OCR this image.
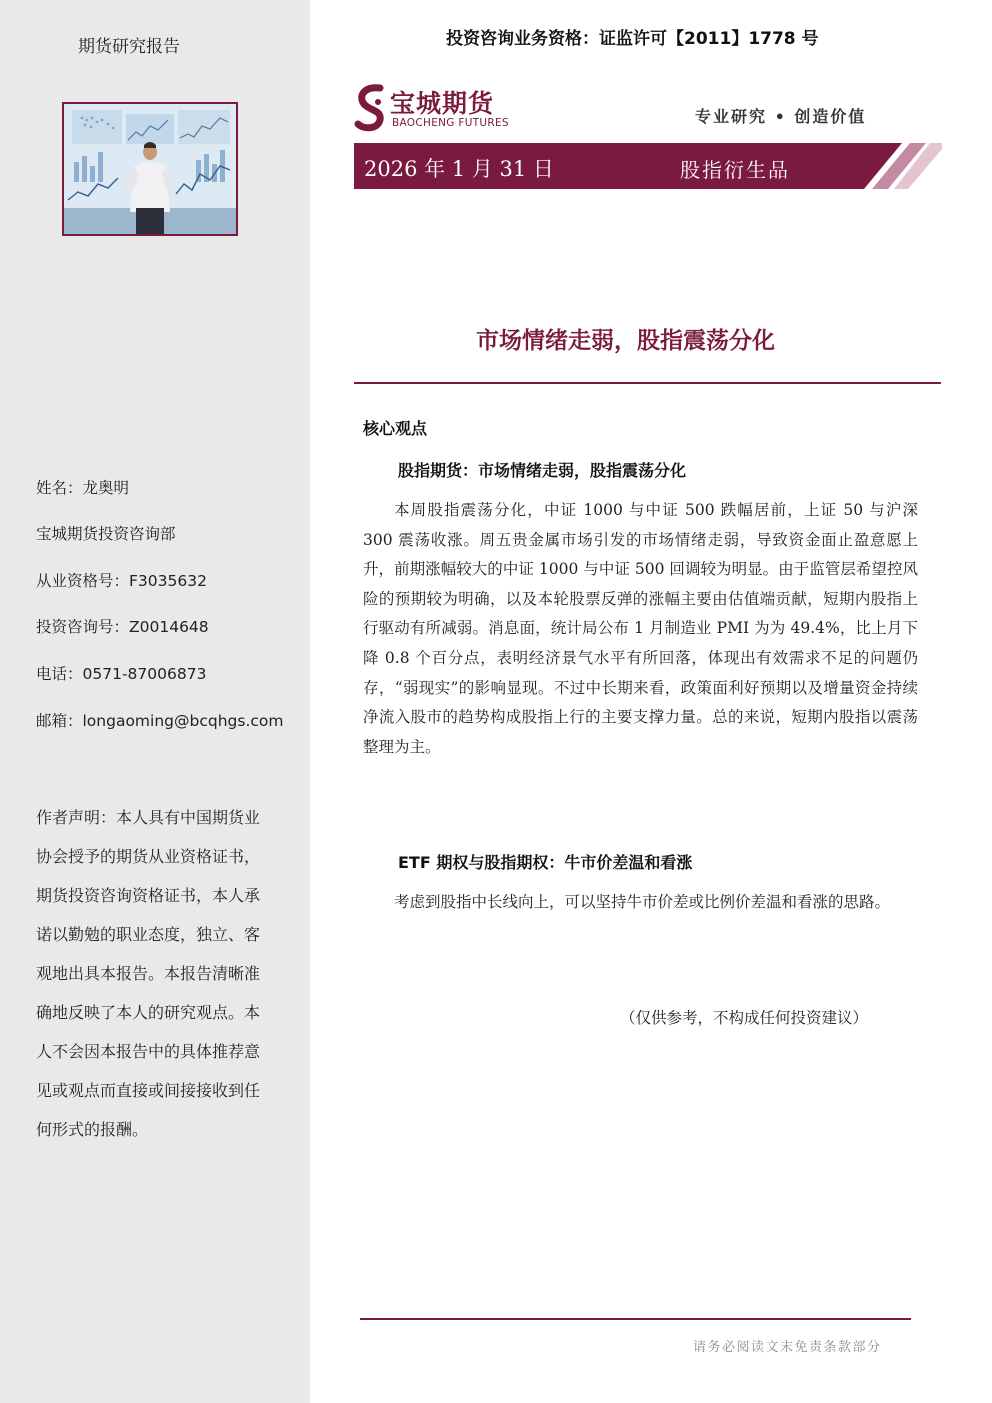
期货研究报告
姓名：龙奥明
宝城期货投资咨询部
从业资格号：F3035632
投资咨询号：Z0014648
电话：0571-87006873
邮箱：longaoming@bcqhgs.com
作者声明：本人具有中国期货业协会授予的期货从业资格证书，期货投资咨询资格证书，本人承诺以勤勉的职业态度，独立、客观地出具本报告。本报告清晰准确地反映了本人的研究观点。本人不会因本报告中的具体推荐意见或观点而直接或间接接收到任何形式的报酬。
投资咨询业务资格：证监许可【2011】1778 号
宝城期货
BAOCHENG FUTURES	专业研究 • 创造价值
2026 年 1 月 31 日	股指衍生品
市场情绪走弱，股指震荡分化
核心观点
股指期货：市场情绪走弱，股指震荡分化
本周股指震荡分化，中证 1000 与中证 500 跌幅居前，上证 50 与沪深 300 震荡收涨。周五贵金属市场引发的市场情绪走弱，导致资金面止盈意愿上升，前期涨幅较大的中证 1000 与中证 500 回调较为明显。由于监管层希望控风险的预期较为明确，以及本轮股票反弹的涨幅主要由估值端贡献，短期内股指上行驱动有所减弱。消息面，统计局公布 1 月制造业 PMI 为为 49.4%，比上月下降 0.8 个百分点，表明经济景气水平有所回落，体现出有效需求不足的问题仍存，“弱现实”的影响显现。不过中长期来看，政策面利好预期以及增量资金持续净流入股市的趋势构成股指上行的主要支撑力量。总的来说，短期内股指以震荡整理为主。
ETF 期权与股指期权：牛市价差温和看涨
考虑到股指中长线向上，可以坚持牛市价差或比例价差温和看涨的思路。
（仅供参考，不构成任何投资建议）
请务必阅读文末免责条款部分
